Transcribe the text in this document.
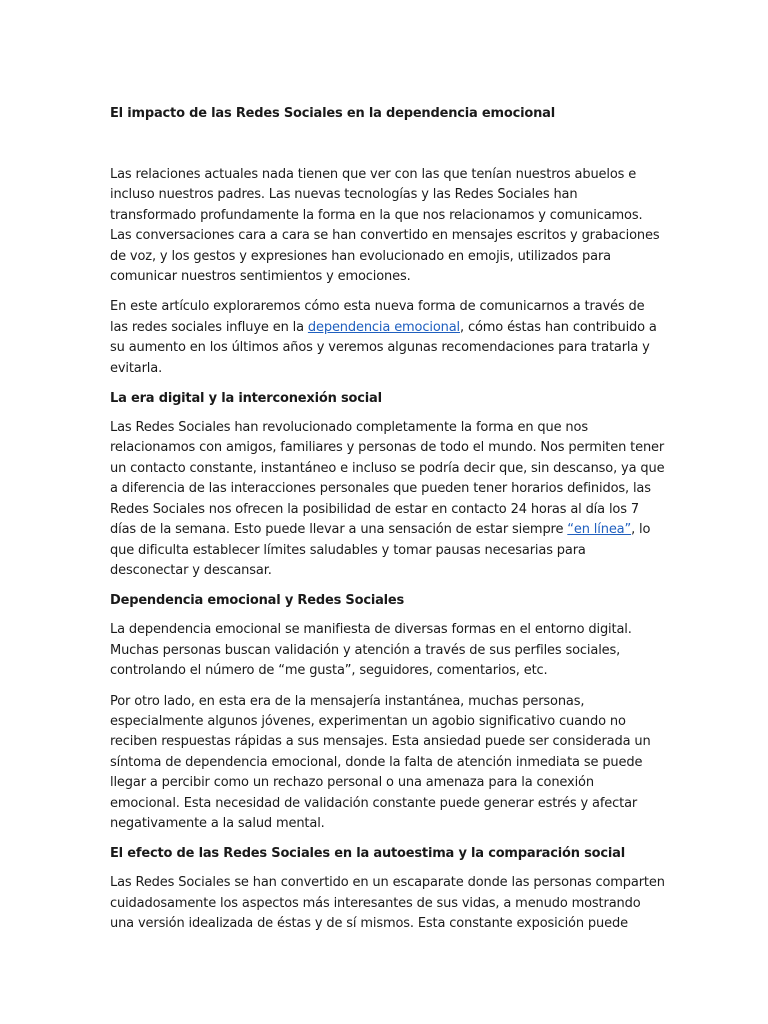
El impacto de las Redes Sociales en la dependencia emocional

Las relaciones actuales nada tienen que ver con las que tenían nuestros abuelos e incluso nuestros padres. Las nuevas tecnologías y las Redes Sociales han transformado profundamente la forma en la que nos relacionamos y comunicamos. Las conversaciones cara a cara se han convertido en mensajes escritos y grabaciones de voz, y los gestos y expresiones han evolucionado en emojis, utilizados para comunicar nuestros sentimientos y emociones.

En este artículo exploraremos cómo esta nueva forma de comunicarnos a través de las redes sociales influye en la dependencia emocional, cómo éstas han contribuido a su aumento en los últimos años y veremos algunas recomendaciones para tratarla y evitarla.

La era digital y la interconexión social

Las Redes Sociales han revolucionado completamente la forma en que nos relacionamos con amigos, familiares y personas de todo el mundo. Nos permiten tener un contacto constante, instantáneo e incluso se podría decir que, sin descanso, ya que a diferencia de las interacciones personales que pueden tener horarios definidos, las Redes Sociales nos ofrecen la posibilidad de estar en contacto 24 horas al día los 7 días de la semana. Esto puede llevar a una sensación de estar siempre “en línea”, lo que dificulta establecer límites saludables y tomar pausas necesarias para desconectar y descansar.

Dependencia emocional y Redes Sociales

La dependencia emocional se manifiesta de diversas formas en el entorno digital. Muchas personas buscan validación y atención a través de sus perfiles sociales, controlando el número de “me gusta”, seguidores, comentarios, etc.

Por otro lado, en esta era de la mensajería instantánea, muchas personas, especialmente algunos jóvenes, experimentan un agobio significativo cuando no reciben respuestas rápidas a sus mensajes. Esta ansiedad puede ser considerada un síntoma de dependencia emocional, donde la falta de atención inmediata se puede llegar a percibir como un rechazo personal o una amenaza para la conexión emocional. Esta necesidad de validación constante puede generar estrés y afectar negativamente a la salud mental.

El efecto de las Redes Sociales en la autoestima y la comparación social

Las Redes Sociales se han convertido en un escaparate donde las personas comparten cuidadosamente los aspectos más interesantes de sus vidas, a menudo mostrando una versión idealizada de éstas y de sí mismos. Esta constante exposición puede
